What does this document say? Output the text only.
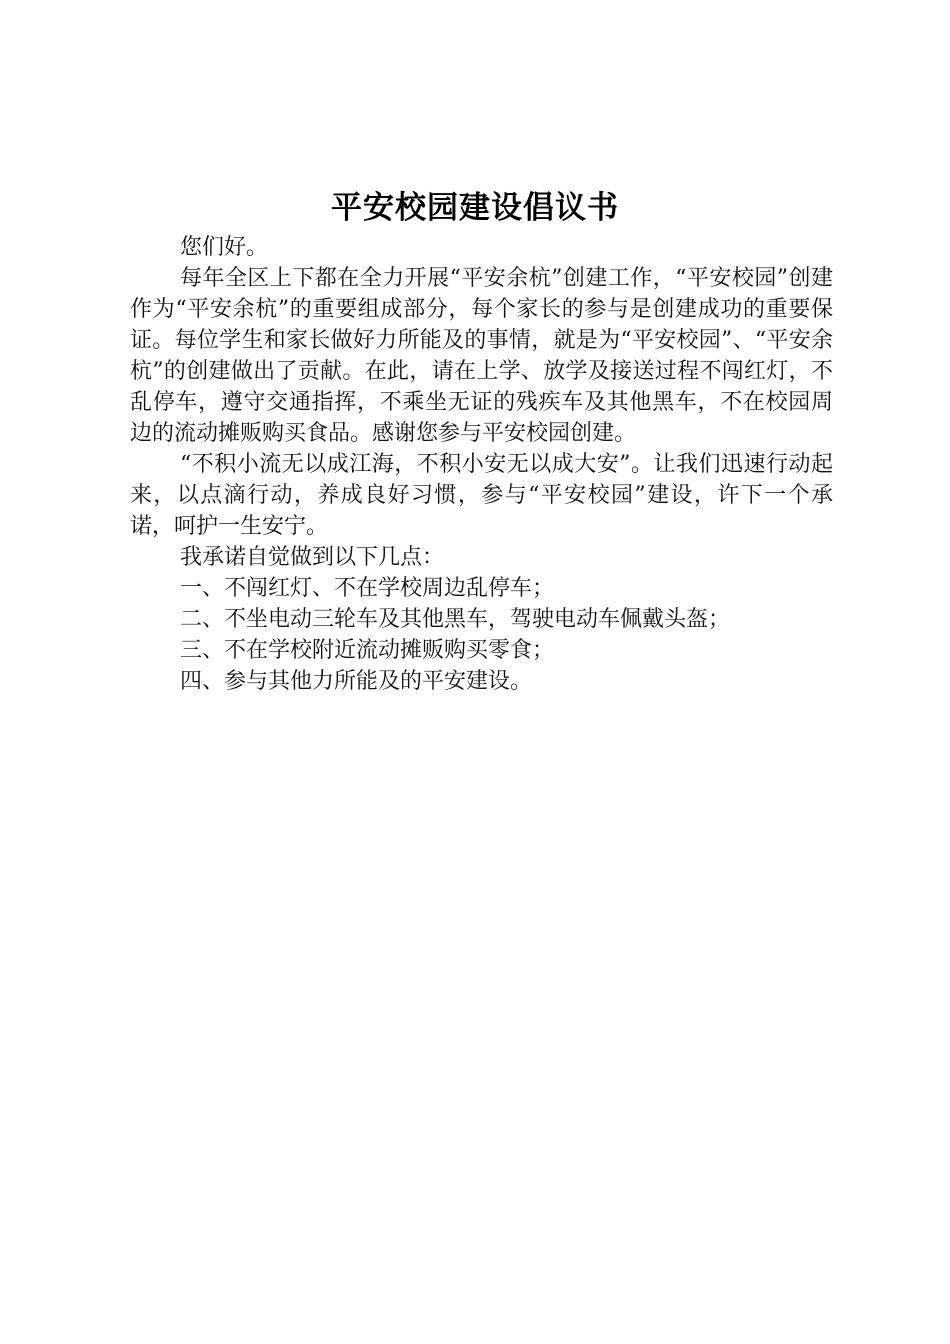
平安校园建设倡议书

您们好。

每年全区上下都在全力开展“平安余杭”创建工作，“平安校园”创建作为“平安余杭”的重要组成部分，每个家长的参与是创建成功的重要保证。每位学生和家长做好力所能及的事情，就是为“平安校园”、“平安余杭”的创建做出了贡献。在此，请在上学、放学及接送过程不闯红灯，不乱停车，遵守交通指挥，不乘坐无证的残疾车及其他黑车，不在校园周边的流动摊贩购买食品。感谢您参与平安校园创建。

“不积小流无以成江海，不积小安无以成大安”。让我们迅速行动起来，以点滴行动，养成良好习惯，参与“平安校园”建设，许下一个承诺，呵护一生安宁。

我承诺自觉做到以下几点：

一、不闯红灯、不在学校周边乱停车；

二、不坐电动三轮车及其他黑车，驾驶电动车佩戴头盔；

三、不在学校附近流动摊贩购买零食；

四、参与其他力所能及的平安建设。
